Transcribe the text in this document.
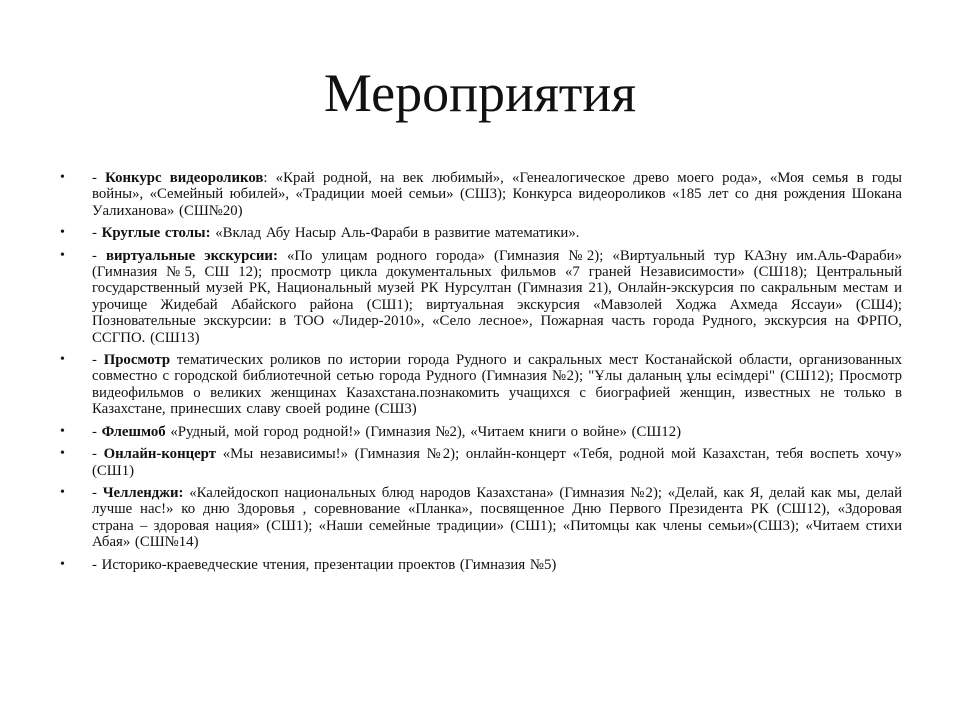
Мероприятия
• - Конкурс видеороликов: «Край родной, на век любимый», «Генеалогическое древо моего рода», «Моя семья в годы войны», «Семейный юбилей», «Традиции моей семьи» (СШ3); Конкурса видеороликов «185 лет со дня рождения Шокана Уалиханова» (СШ№20)
• - Круглые столы: «Вклад Абу Насыр Аль-Фараби в развитие математики».
• - виртуальные экскурсии: «По улицам родного города» (Гимназия №2); «Виртуальный тур КАЗну им.Аль-Фараби» (Гимназия №5, СШ 12); просмотр цикла документальных фильмов «7 граней Независимости» (СШ18); Центральный государственный музей РК, Национальный музей РК Нурсултан (Гимназия 21), Онлайн-экскурсия по сакральным местам и урочище Жидебай Абайского района (СШ1); виртуальная экскурсия «Мавзолей Ходжа Ахмеда Яссауи» (СШ4); Позновательные экскурсии: в ТОО «Лидер-2010», «Село лесное», Пожарная часть города Рудного, экскурсия на ФРПО, ССГПО. (СШ13)
• - Просмотр тематических роликов по истории города Рудного и сакральных мест Костанайской области, организованных совместно с городской библиотечной сетью города Рудного (Гимназия №2); "Ұлы даланың ұлы есімдері" (СШ12); Просмотр видеофильмов о великих женщинах Казахстана.познакомить учащихся с биографией женщин, известных не только в Казахстане, принесших славу своей родине (СШ3)
• - Флешмоб «Рудный, мой город родной!» (Гимназия №2), «Читаем книги о войне» (СШ12)
• - Онлайн-концерт «Мы независимы!» (Гимназия №2); онлайн-концерт «Тебя, родной мой Казахстан, тебя воспеть хочу» (СШ1)
• - Челленджи: «Калейдоскоп национальных блюд народов Казахстана» (Гимназия №2); «Делай, как Я, делай как мы, делай лучше нас!» ко дню Здоровья , соревнование «Планка», посвященное Дню Первого Президента РК (СШ12), «Здоровая страна – здоровая нация» (СШ1); «Наши семейные традиции» (СШ1); «Питомцы как члены семьи»(СШ3); «Читаем стихи Абая» (СШ№14)
• - Историко-краеведческие чтения, презентации проектов (Гимназия №5)
